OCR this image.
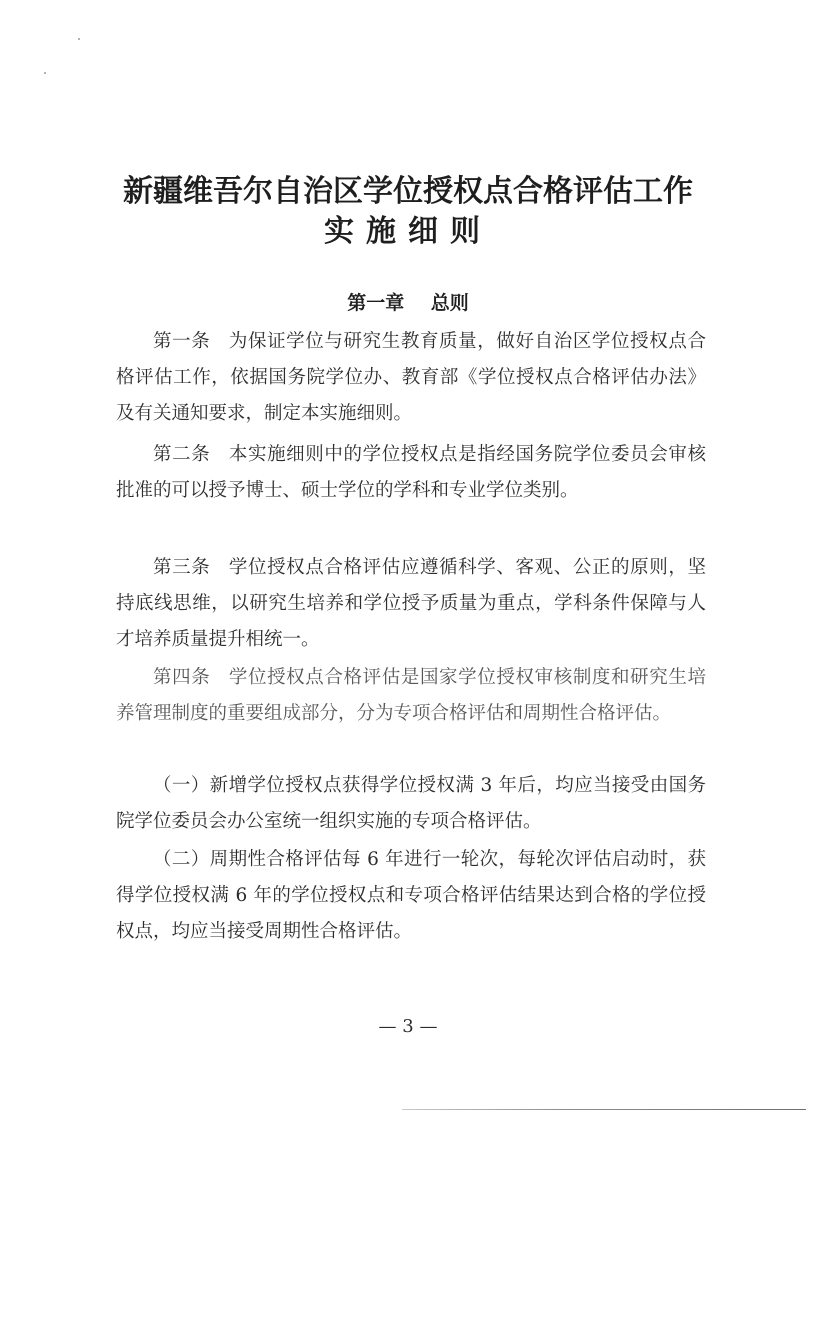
新疆维吾尔自治区学位授权点合格评估工作
实施细则
第一章    总则

第一条 为保证学位与研究生教育质量，做好自治区学位授权点合格评估工作，依据国务院学位办、教育部《学位授权点合格评估办法》及有关通知要求，制定本实施细则。

第二条 本实施细则中的学位授权点是指经国务院学位委员会审核批准的可以授予博士、硕士学位的学科和专业学位类别。

第三条 学位授权点合格评估应遵循科学、客观、公正的原则，坚持底线思维，以研究生培养和学位授予质量为重点，学科条件保障与人才培养质量提升相统一。

第四条 学位授权点合格评估是国家学位授权审核制度和研究生培养管理制度的重要组成部分，分为专项合格评估和周期性合格评估。

（一）新增学位授权点获得学位授权满 3 年后，均应当接受由国务院学位委员会办公室统一组织实施的专项合格评估。

（二）周期性合格评估每 6 年进行一轮次，每轮次评估启动时，获得学位授权满 6 年的学位授权点和专项合格评估结果达到合格的学位授权点，均应当接受周期性合格评估。

— 3 —
